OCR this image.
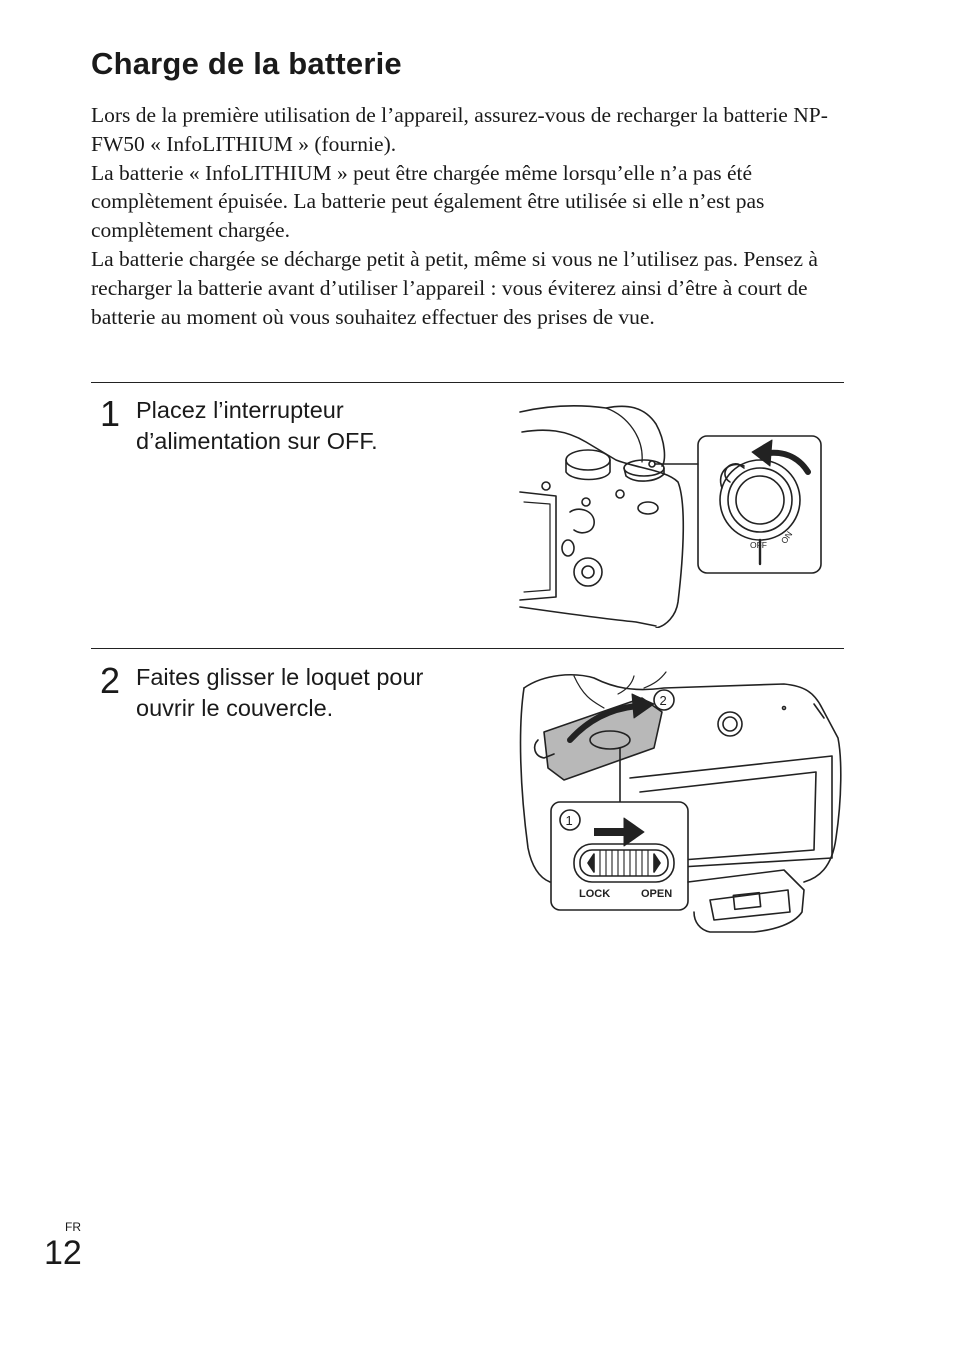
Charge de la batterie

Lors de la première utilisation de l’appareil, assurez-vous de recharger la batterie NP-FW50 « InfoLITHIUM » (fournie).

La batterie « InfoLITHIUM » peut être chargée même lorsqu’elle n’a pas été complètement épuisée. La batterie peut également être utilisée si elle n’est pas complètement chargée.

La batterie chargée se décharge petit à petit, même si vous ne l’utilisez pas. Pensez à recharger la batterie avant d’utiliser l’appareil : vous éviterez ainsi d’être à court de batterie au moment où vous souhaitez effectuer des prises de vue.

1 Placez l’interrupteur d’alimentation sur OFF.
OFF ON
2 Faites glisser le loquet pour ouvrir le couvercle.	2
1
LOCK	OPEN
FR
12
